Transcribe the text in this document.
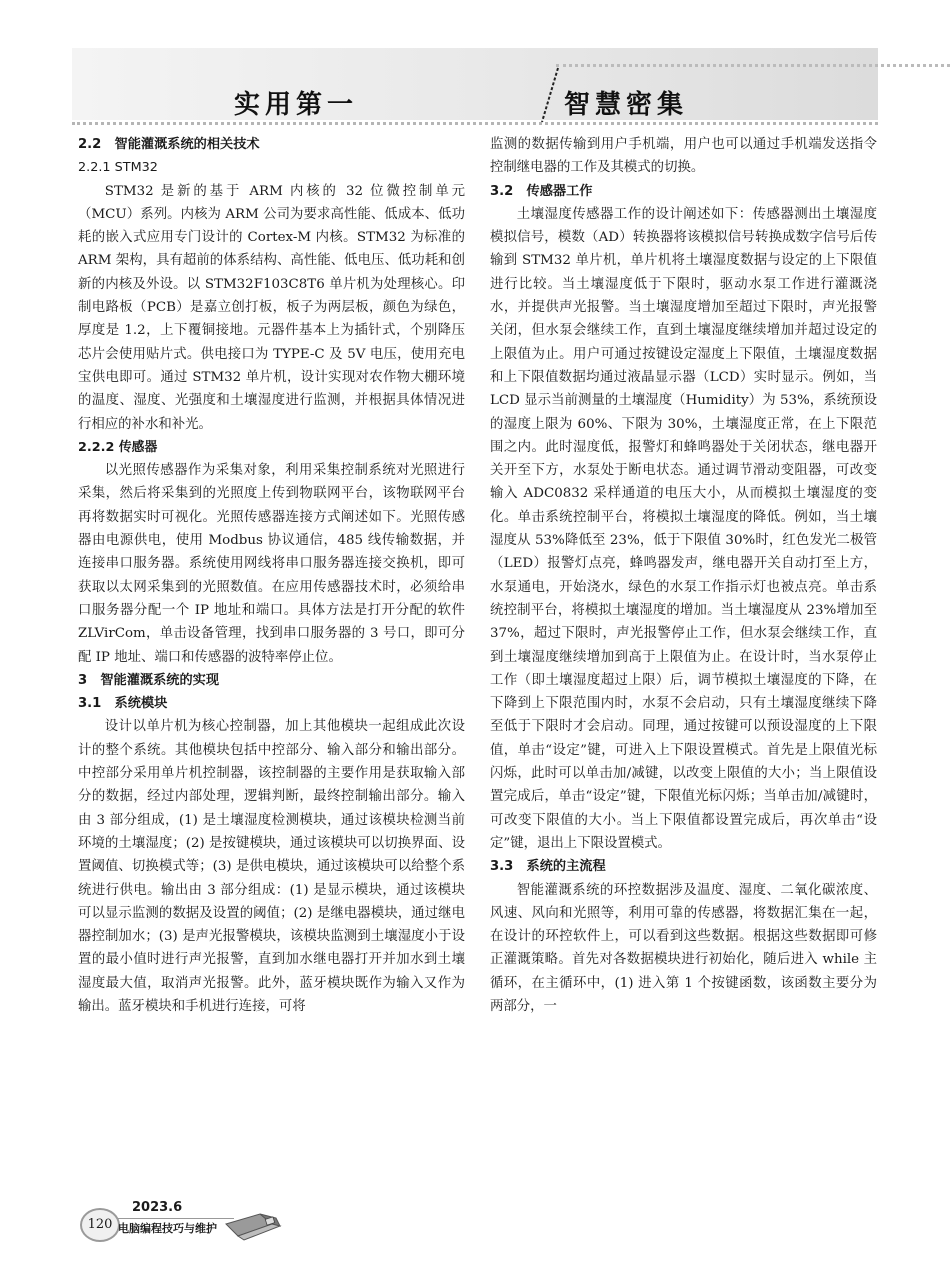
实用第一	智慧密集

2.2　智能灌溉系统的相关技术

2.2.1 STM32

STM32 是新的基于 ARM 内核的 32 位微控制单元（MCU）系列。内核为 ARM 公司为要求高性能、低成本、低功耗的嵌入式应用专门设计的 Cortex-M 内核。STM32 为标准的 ARM 架构，具有超前的体系结构、高性能、低电压、低功耗和创新的内核及外设。以 STM32F103C8T6 单片机为处理核心。印制电路板（PCB）是嘉立创打板，板子为两层板，颜色为绿色，厚度是 1.2，上下覆铜接地。元器件基本上为插针式，个别降压芯片会使用贴片式。供电接口为 TYPE-C 及 5V 电压，使用充电宝供电即可。通过 STM32 单片机，设计实现对农作物大棚环境的温度、湿度、光强度和土壤湿度进行监测，并根据具体情况进行相应的补水和补光。

2.2.2 传感器

以光照传感器作为采集对象，利用采集控制系统对光照进行采集，然后将采集到的光照度上传到物联网平台，该物联网平台再将数据实时可视化。光照传感器连接方式阐述如下。光照传感器由电源供电，使用 Modbus 协议通信，485 线传输数据，并连接串口服务器。系统使用网线将串口服务器连接交换机，即可获取以太网采集到的光照数值。在应用传感器技术时，必须给串口服务器分配一个 IP 地址和端口。具体方法是打开分配的软件 ZLVirCom，单击设备管理，找到串口服务器的 3 号口，即可分配 IP 地址、端口和传感器的波特率停止位。

3　智能灌溉系统的实现

3.1　系统模块

设计以单片机为核心控制器，加上其他模块一起组成此次设计的整个系统。其他模块包括中控部分、输入部分和输出部分。中控部分采用单片机控制器，该控制器的主要作用是获取输入部分的数据，经过内部处理，逻辑判断，最终控制输出部分。输入由 3 部分组成，(1) 是土壤湿度检测模块，通过该模块检测当前环境的土壤湿度；(2) 是按键模块，通过该模块可以切换界面、设置阈值、切换模式等；(3) 是供电模块，通过该模块可以给整个系统进行供电。输出由 3 部分组成：(1) 是显示模块，通过该模块可以显示监测的数据及设置的阈值；(2) 是继电器模块，通过继电器控制加水；(3) 是声光报警模块，该模块监测到土壤湿度小于设置的最小值时进行声光报警，直到加水继电器打开并加水到土壤湿度最大值，取消声光报警。此外，蓝牙模块既作为输入又作为输出。蓝牙模块和手机进行连接，可将

监测的数据传输到用户手机端，用户也可以通过手机端发送指令控制继电器的工作及其模式的切换。

3.2　传感器工作

土壤湿度传感器工作的设计阐述如下：传感器测出土壤湿度模拟信号，模数（AD）转换器将该模拟信号转换成数字信号后传输到 STM32 单片机，单片机将土壤湿度数据与设定的上下限值进行比较。当土壤湿度低于下限时，驱动水泵工作进行灌溉浇水，并提供声光报警。当土壤湿度增加至超过下限时，声光报警关闭，但水泵会继续工作，直到土壤湿度继续增加并超过设定的上限值为止。用户可通过按键设定湿度上下限值，土壤湿度数据和上下限值数据均通过液晶显示器（LCD）实时显示。例如，当 LCD 显示当前测量的土壤湿度（Humidity）为 53%，系统预设的湿度上限为 60%、下限为 30%，土壤湿度正常，在上下限范围之内。此时湿度低，报警灯和蜂鸣器处于关闭状态，继电器开关开至下方，水泵处于断电状态。通过调节滑动变阻器，可改变输入 ADC0832 采样通道的电压大小，从而模拟土壤湿度的变化。单击系统控制平台，将模拟土壤湿度的降低。例如，当土壤湿度从 53%降低至 23%，低于下限值 30%时，红色发光二极管（LED）报警灯点亮，蜂鸣器发声，继电器开关自动打至上方，水泵通电，开始浇水，绿色的水泵工作指示灯也被点亮。单击系统控制平台，将模拟土壤湿度的增加。当土壤湿度从 23%增加至 37%，超过下限时，声光报警停止工作，但水泵会继续工作，直到土壤湿度继续增加到高于上限值为止。在设计时，当水泵停止工作（即土壤湿度超过上限）后，调节模拟土壤湿度的下降，在下降到上下限范围内时，水泵不会启动，只有土壤湿度继续下降至低于下限时才会启动。同理，通过按键可以预设湿度的上下限值，单击“设定”键，可进入上下限设置模式。首先是上限值光标闪烁，此时可以单击加/减键，以改变上限值的大小；当上限值设置完成后，单击“设定”键，下限值光标闪烁；当单击加/减键时，可改变下限值的大小。当上下限值都设置完成后，再次单击“设定”键，退出上下限设置模式。

3.3　系统的主流程

智能灌溉系统的环控数据涉及温度、湿度、二氧化碳浓度、风速、风向和光照等，利用可靠的传感器，将数据汇集在一起，在设计的环控软件上，可以看到这些数据。根据这些数据即可修正灌溉策略。首先对各数据模块进行初始化，随后进入 while 主循环，在主循环中，(1) 进入第 1 个按键函数，该函数主要分为两部分，一

120
2023.6
电脑编程技巧与维护
